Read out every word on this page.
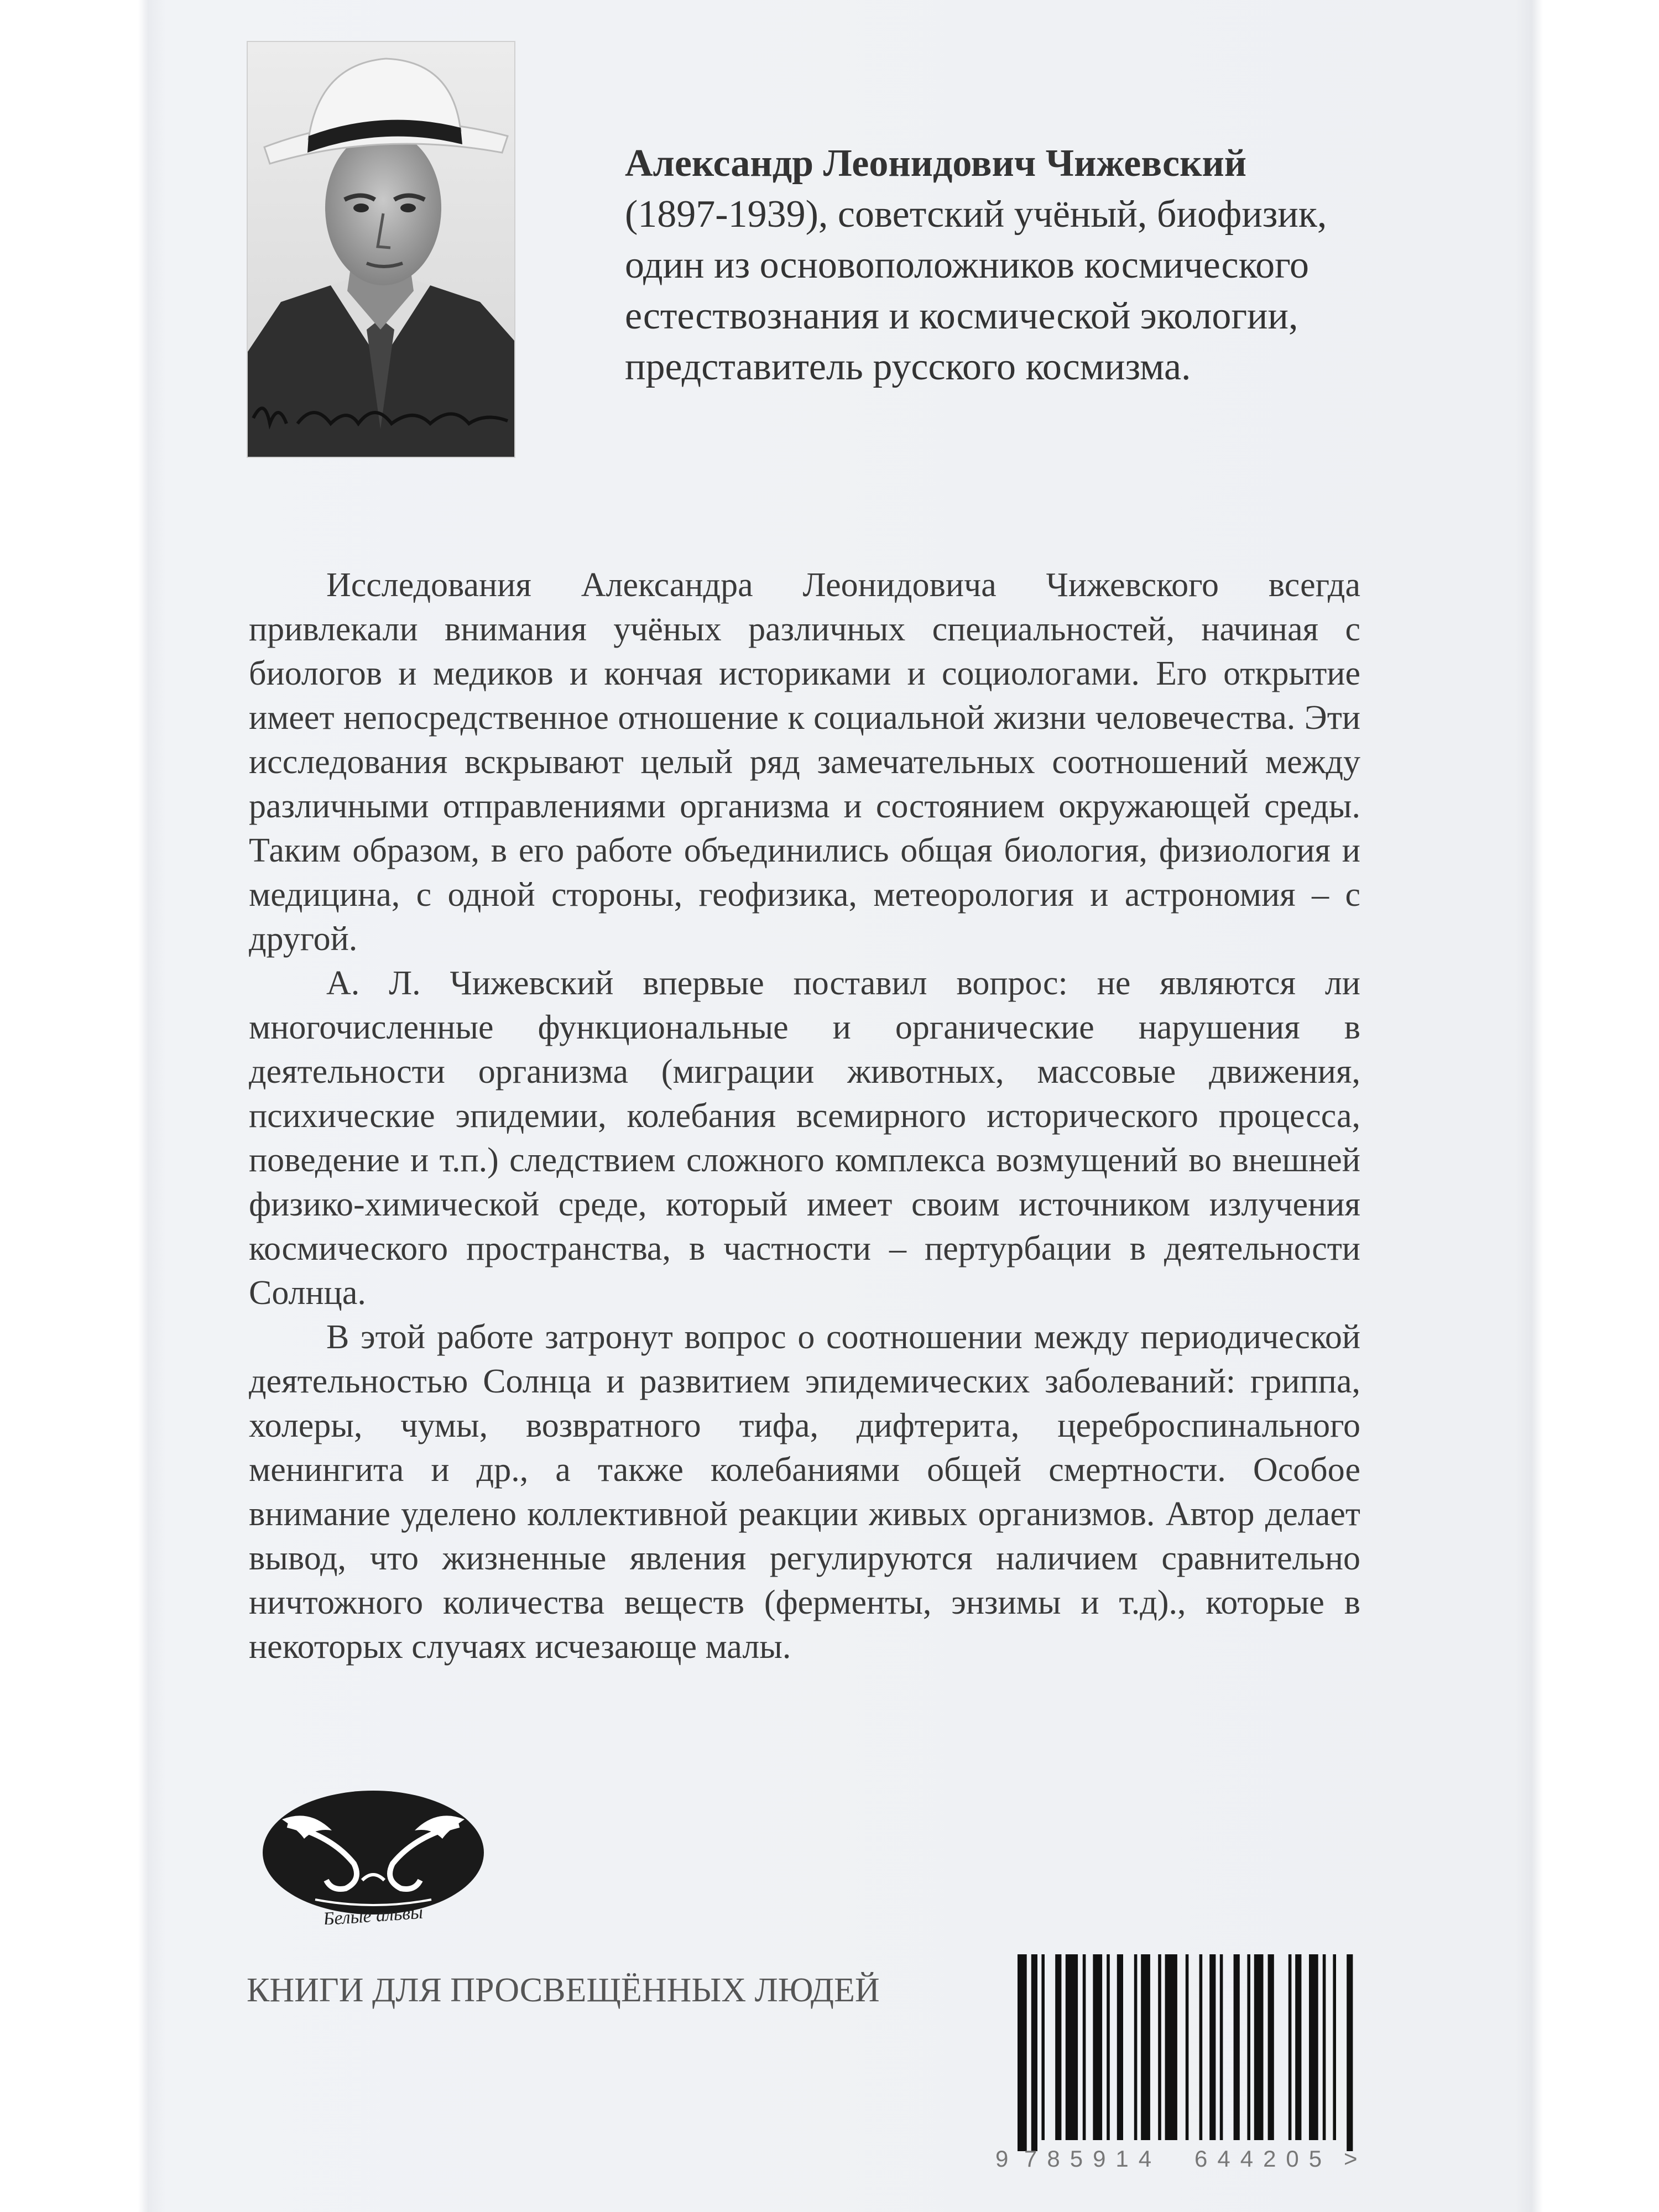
Александр Леонидович Чижевский
(1897-1939), советский учёный, биофизик, один из основоположников космического естествознания и космической экологии, представитель русского космизма.

Исследования Александра Леонидовича Чижевского всегда привлекали внимания учёных различных специальностей, начиная с биологов и медиков и кончая историками и социологами. Его открытие имеет непосредственное отношение к социальной жизни человечества. Эти исследования вскрывают целый ряд замечательных соотношений между различными отправлениями организма и состоянием окружающей среды. Таким образом, в его работе объединились общая биология, физиология и медицина, с одной стороны, геофизика, метеорология и астрономия – с другой.

А. Л. Чижевский впервые поставил вопрос: не являются ли многочисленные функциональные и органические нарушения в деятельности организма (миграции животных, массовые движения, психические эпидемии, колебания всемирного исторического процесса, поведение и т.п.) следствием сложного комплекса возмущений во внешней физико-химической среде, который имеет своим источником излучения космического пространства, в частности – пертурбации в деятельности Солнца.

В этой работе затронут вопрос о соотношении между периодической деятельностью Солнца и развитием эпидемических заболеваний: гриппа, холеры, чумы, возвратного тифа, дифтерита, цереброспинального менингита и др., а также колебаниями общей смертности. Особое внимание уделено коллективной реакции живых организмов. Автор делает вывод, что жизненные явления регулируются наличием сравнительно ничтожного количества веществ (ферменты, энзимы и т.д)., которые в некоторых случаях исчезающе малы.

Белые альвы
КНИГИ ДЛЯ ПРОСВЕЩЁННЫХ ЛЮДЕЙ
9 785914 644205 >
